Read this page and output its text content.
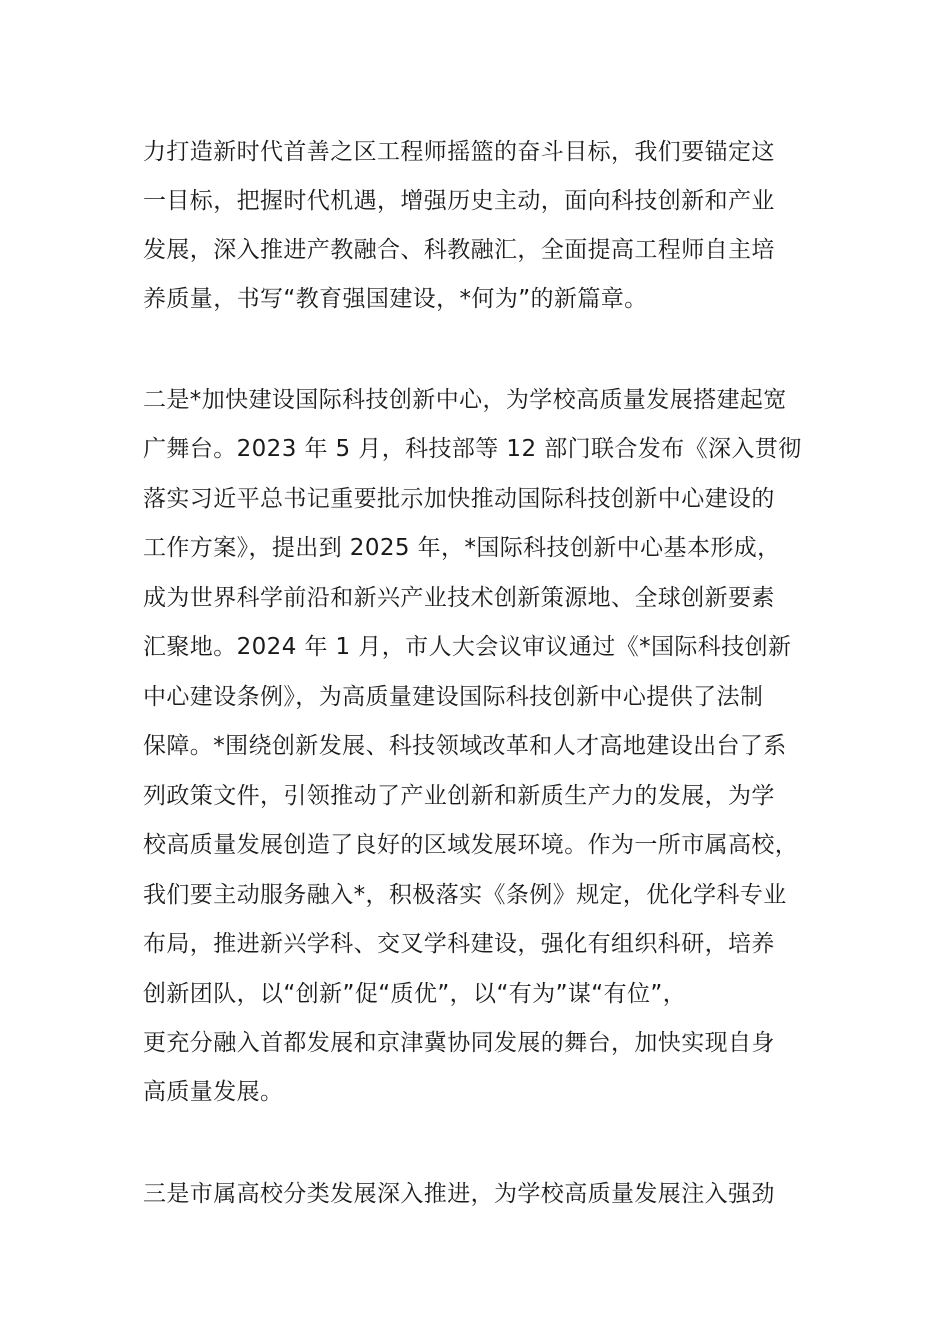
力打造新时代首善之区工程师摇篮的奋斗目标，我们要锚定这
一目标，把握时代机遇，增强历史主动，面向科技创新和产业
发展，深入推进产教融合、科教融汇，全面提高工程师自主培
养质量，书写“教育强国建设，*何为”的新篇章。
二是*加快建设国际科技创新中心，为学校高质量发展搭建起宽
广舞台。2023 年 5 月，科技部等 12 部门联合发布《深入贯彻
落实习近平总书记重要批示加快推动国际科技创新中心建设的
工作方案》，提出到 2025 年，*国际科技创新中心基本形成，
成为世界科学前沿和新兴产业技术创新策源地、全球创新要素
汇聚地。2024 年 1 月，市人大会议审议通过《*国际科技创新
中心建设条例》，为高质量建设国际科技创新中心提供了法制
保障。*围绕创新发展、科技领域改革和人才高地建设出台了系
列政策文件，引领推动了产业创新和新质生产力的发展，为学
校高质量发展创造了良好的区域发展环境。作为一所市属高校，
我们要主动服务融入*，积极落实《条例》规定，优化学科专业
布局，推进新兴学科、交叉学科建设，强化有组织科研，培养
创新团队，以“创新”促“质优”，以“有为”谋“有位”，
更充分融入首都发展和京津冀协同发展的舞台，加快实现自身
高质量发展。
三是市属高校分类发展深入推进，为学校高质量发展注入强劲
